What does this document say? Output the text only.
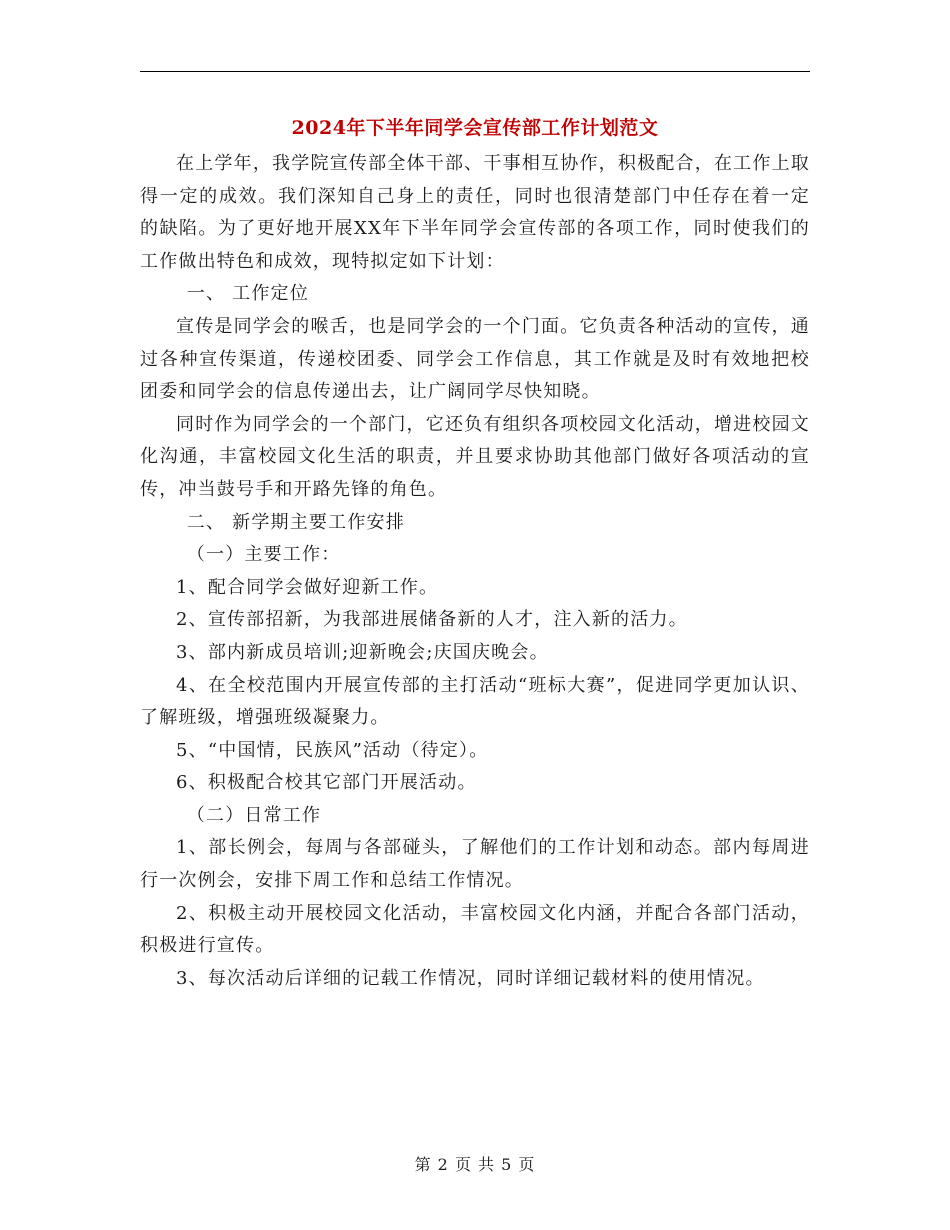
2024年下半年同学会宣传部工作计划范文

在上学年，我学院宣传部全体干部、干事相互协作，积极配合，在工作上取得一定的成效。我们深知自己身上的责任，同时也很清楚部门中任存在着一定的缺陷。为了更好地开展XX年下半年同学会宣传部的各项工作，同时使我们的工作做出特色和成效，现特拟定如下计划：

一、 工作定位

宣传是同学会的喉舌，也是同学会的一个门面。它负责各种活动的宣传，通过各种宣传渠道，传递校团委、同学会工作信息，其工作就是及时有效地把校团委和同学会的信息传递出去，让广阔同学尽快知晓。

同时作为同学会的一个部门，它还负有组织各项校园文化活动，增进校园文化沟通，丰富校园文化生活的职责，并且要求协助其他部门做好各项活动的宣传，冲当鼓号手和开路先锋的角色。

二、 新学期主要工作安排

（一）主要工作：

1、配合同学会做好迎新工作。

2、宣传部招新，为我部进展储备新的人才，注入新的活力。

3、部内新成员培训;迎新晚会;庆国庆晚会。

4、在全校范围内开展宣传部的主打活动“班标大赛”，促进同学更加认识、了解班级，增强班级凝聚力。

5、“中国情，民族风”活动（待定）。

6、积极配合校其它部门开展活动。

（二）日常工作

1、部长例会，每周与各部碰头，了解他们的工作计划和动态。部内每周进行一次例会，安排下周工作和总结工作情况。

2、积极主动开展校园文化活动，丰富校园文化内涵，并配合各部门活动，积极进行宣传。

3、每次活动后详细的记载工作情况，同时详细记载材料的使用情况。

第 2 页 共 5 页
